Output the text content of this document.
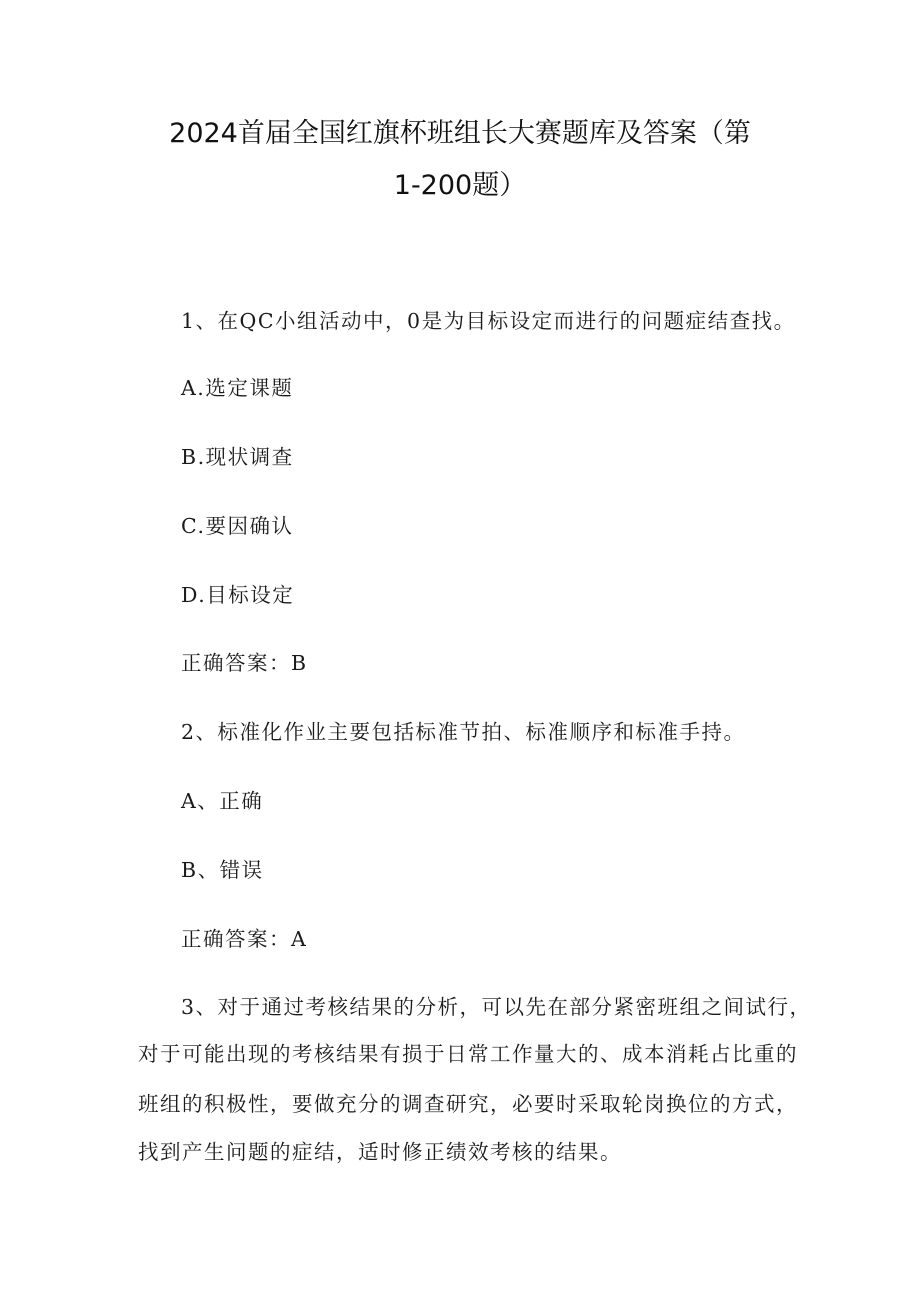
2024首届全国红旗杯班组长大赛题库及答案（第
1-200题）
1、在QC小组活动中，0是为目标设定而进行的问题症结查找。
A.选定课题
B.现状调查
C.要因确认
D.目标设定
正确答案：B
2、标准化作业主要包括标准节拍、标准顺序和标准手持。
A、正确
B、错误
正确答案：A
3、对于通过考核结果的分析，可以先在部分紧密班组之间试行，
对于可能出现的考核结果有损于日常工作量大的、成本消耗占比重的
班组的积极性，要做充分的调查研究，必要时采取轮岗换位的方式，
找到产生问题的症结，适时修正绩效考核的结果。
